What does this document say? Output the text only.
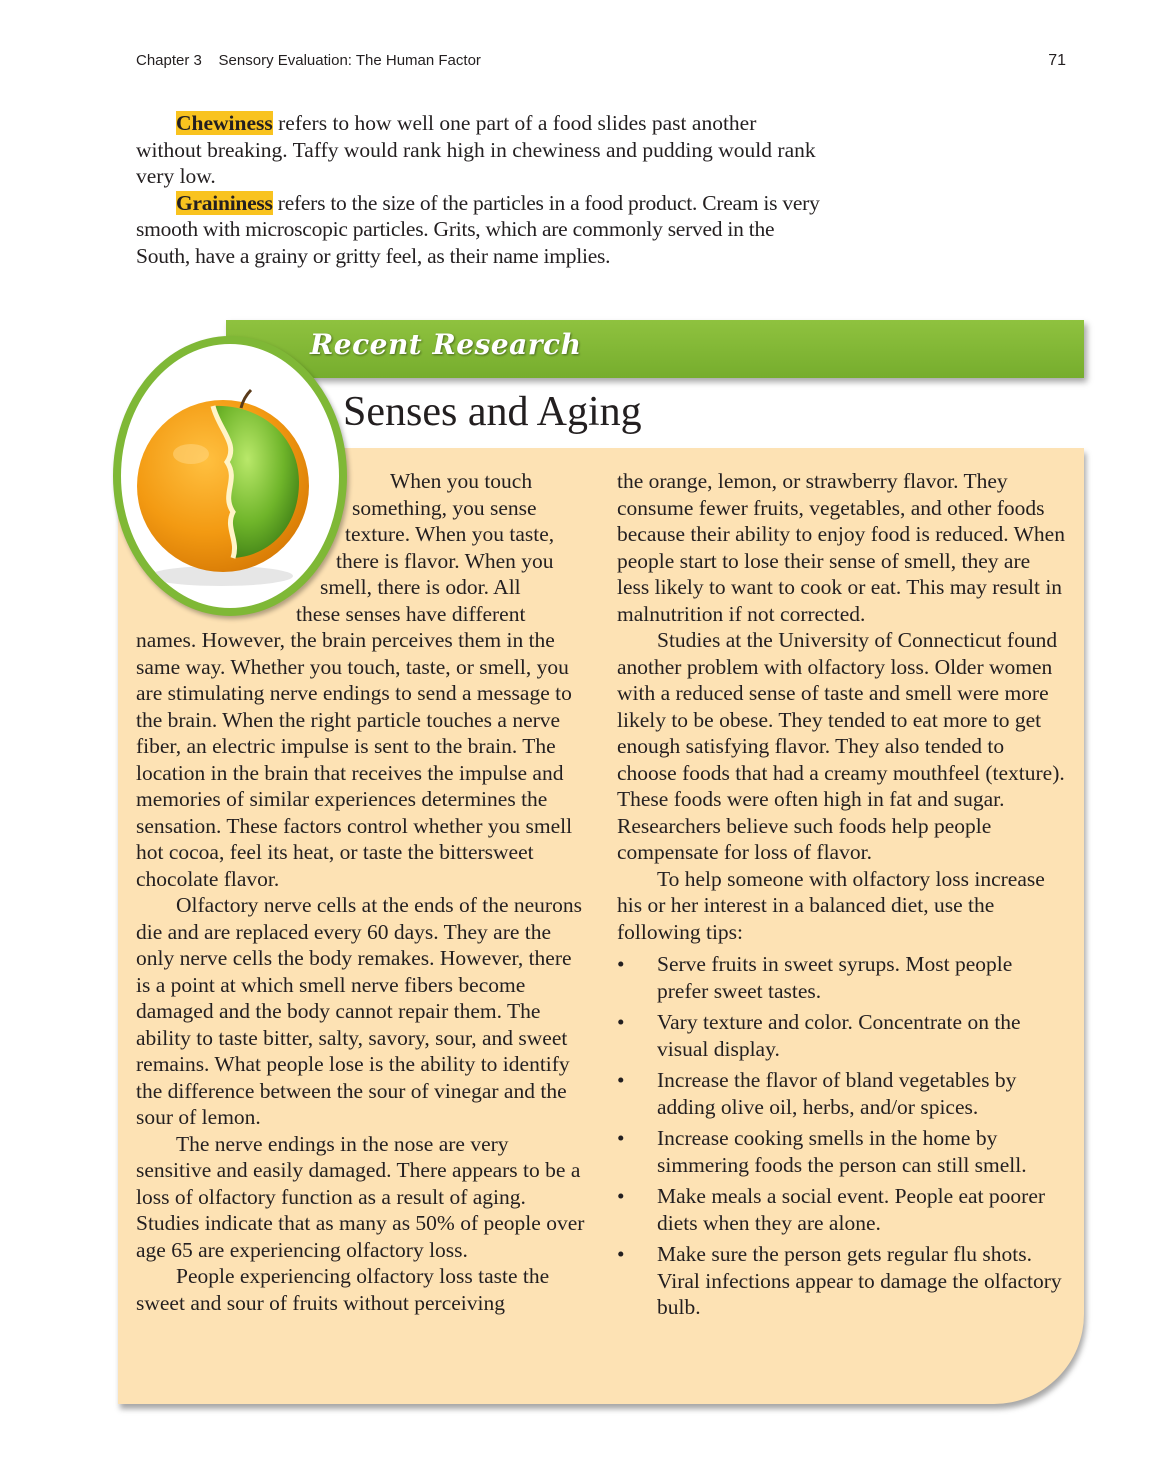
Chapter 3 Sensory Evaluation: The Human Factor	71

Chewiness refers to how well one part of a food slides past another without breaking. Taffy would rank high in chewiness and pudding would rank very low.

Graininess refers to the size of the particles in a food product. Cream is very smooth with microscopic particles. Grits, which are commonly served in the South, have a grainy or gritty feel, as their name implies.

Recent Research
Senses and Aging
When you touch
something, you sense
texture. When you taste,
there is flavor. When you
smell, there is odor. All
these senses have different

names. However, the brain perceives them in the same way. Whether you touch, taste, or smell, you are stimulating nerve endings to send a message to the brain. When the right particle touches a nerve fiber, an electric impulse is sent to the brain. The location in the brain that receives the impulse and memories of similar experiences determines the sensation. These factors control whether you smell hot cocoa, feel its heat, or taste the bittersweet chocolate flavor.

Olfactory nerve cells at the ends of the neurons die and are replaced every 60 days. They are the only nerve cells the body remakes. However, there is a point at which smell nerve fibers become damaged and the body cannot repair them. The ability to taste bitter, salty, savory, sour, and sweet remains. What people lose is the ability to identify the difference between the sour of vinegar and the sour of lemon.

The nerve endings in the nose are very sensitive and easily damaged. There appears to be a loss of olfactory function as a result of aging. Studies indicate that as many as 50% of people over age 65 are experiencing olfactory loss.

People experiencing olfactory loss taste the sweet and sour of fruits without perceiving

the orange, lemon, or strawberry flavor. They consume fewer fruits, vegetables, and other foods because their ability to enjoy food is reduced. When people start to lose their sense of smell, they are less likely to want to cook or eat. This may result in malnutrition if not corrected.

Studies at the University of Connecticut found another problem with olfactory loss. Older women with a reduced sense of taste and smell were more likely to be obese. They tended to eat more to get enough satisfying flavor. They also tended to choose foods that had a creamy mouthfeel (texture). These foods were often high in fat and sugar. Researchers believe such foods help people compensate for loss of flavor.

To help someone with olfactory loss increase his or her interest in a balanced diet, use the following tips:

• Serve fruits in sweet syrups. Most people prefer sweet tastes.
• Vary texture and color. Concentrate on the visual display.
• Increase the flavor of bland vegetables by adding olive oil, herbs, and/or spices.
• Increase cooking smells in the home by simmering foods the person can still smell.
• Make meals a social event. People eat poorer diets when they are alone.
• Make sure the person gets regular flu shots. Viral infections appear to damage the olfactory bulb.
